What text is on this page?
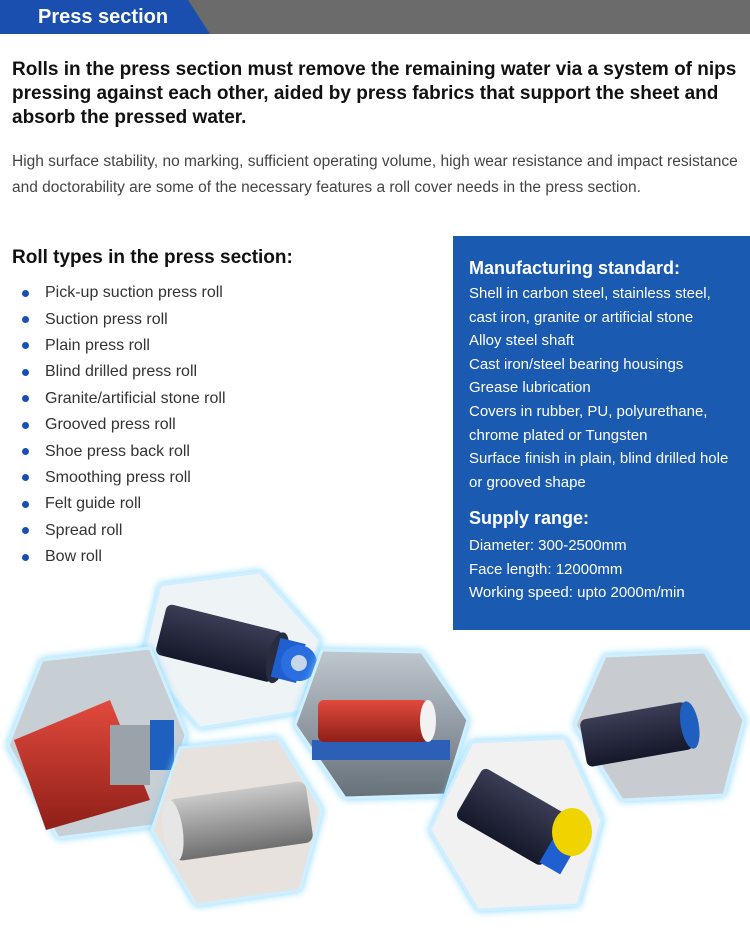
Press section
Rolls in the press section must remove the remaining water via a system of nips pressing against each other, aided by press fabrics that support the sheet and absorb the pressed water.
High surface stability, no marking, sufficient operating volume, high wear resistance and impact resistance and doctorability are some of the necessary features a roll cover needs in the press section.
Roll types in the press section:
Pick-up suction press roll
Suction press roll
Plain press roll
Blind drilled press roll
Granite/artificial stone roll
Grooved press roll
Shoe press back roll
Smoothing press roll
Felt guide roll
Spread roll
Bow roll
Manufacturing standard:
Shell in carbon steel, stainless steel,
cast iron, granite or artificial stone
Alloy steel shaft
Cast iron/steel bearing housings
Grease lubrication
Covers in rubber, PU, polyurethane,
chrome plated or Tungsten
Surface finish in plain, blind drilled hole
or grooved shape
Supply range:
Diameter: 300-2500mm
Face length: 12000mm
Working speed: upto 2000m/min
